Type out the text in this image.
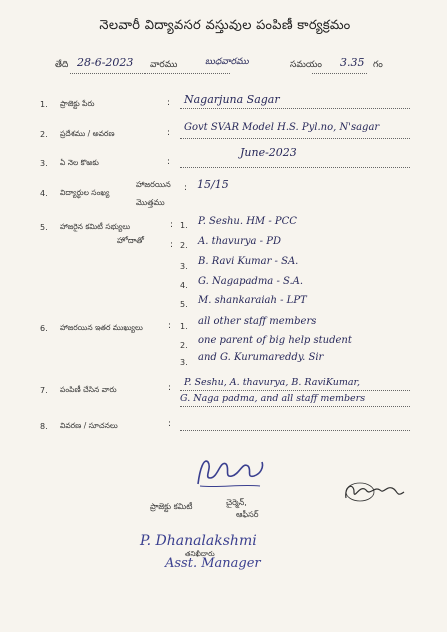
నెలవారీ విద్యావసర వస్తువుల పంపిణీ కార్యక్రమం
తేది 28-6-2023 వారము	బుధవారము	సమయం 3.35 గం
1. ప్రాజెక్టు పేరు	: Nagarjuna Sagar
2. ప్రదేశము / అవరణ	: Govt SVAR Model H.S. Pyl.no, N'sagar
3. ఏ నెల కొఱకు	:
June-2023
4. విద్యార్థుల సంఖ్య
హాజరయిన
మొత్తము
: 15/15
5. హాజరైన కమిటీ సభ్యులు
హోదాతో
: 1. P. Seshu. HM - PCC
: 2. A. thavurya - PD
3. B. Ravi Kumar - SA.
4. G. Nagapadma - S.A.
5. M. shankaraiah - LPT
6. హాజరయిన ఇతర ముఖ్యులు	: 1. all other staff members
2. one parent of big help student
3. and G. Kurumareddy. Sir
7. పంపిణీ చేసిన వారు	: P. Seshu, A. thavurya, B. RaviKumar,
G. Naga padma, and all staff members
8. వివరణ / సూచనలు	:
ప్రాజెక్టు కమిటీ	చైర్మెన్,
ఆఫీసర్
P. Dhanalakshmi
తనిఖీదారు
Asst. Manager
